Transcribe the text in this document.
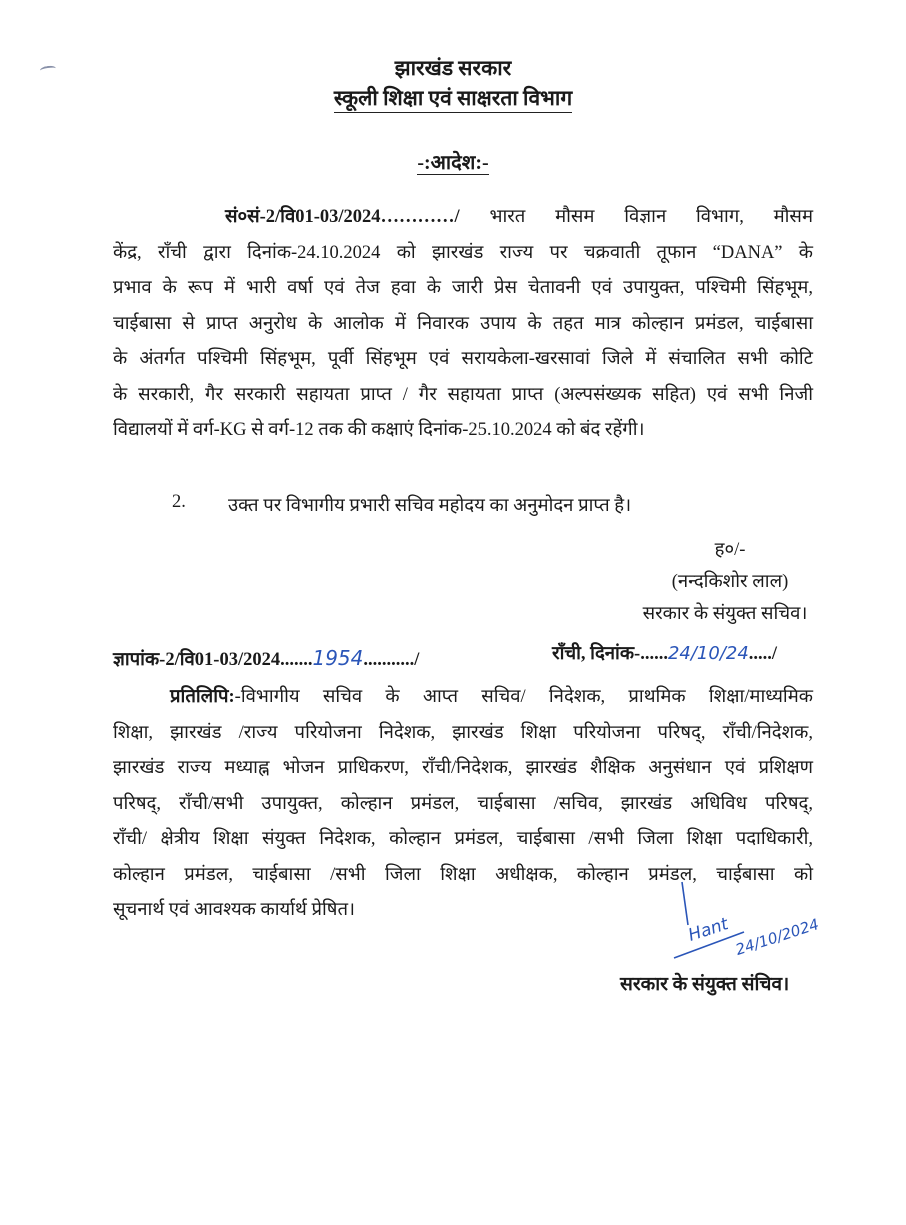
झारखंड सरकार
स्कूली शिक्षा एवं साक्षरता विभाग
-:आदेश:-
सं०सं-2/वि01-03/2024…………/ भारत मौसम विज्ञान विभाग, मौसम
केंद्र, राँची द्वारा दिनांक-24.10.2024 को झारखंड राज्य पर चक्रवाती तूफान “DANA” के
प्रभाव के रूप में भारी वर्षा एवं तेज हवा के जारी प्रेस चेतावनी एवं उपायुक्त, पश्चिमी सिंहभूम,
चाईबासा से प्राप्त अनुरोध के आलोक में निवारक उपाय के तहत मात्र कोल्हान प्रमंडल, चाईबासा
के अंतर्गत पश्चिमी सिंहभूम, पूर्वी सिंहभूम एवं सरायकेला-खरसावां जिले में संचालित सभी कोटि
के सरकारी, गैर सरकारी सहायता प्राप्त / गैर सहायता प्राप्त (अल्पसंख्यक सहित) एवं सभी निजी
विद्यालयों में वर्ग-KG से वर्ग-12 तक की कक्षाएं दिनांक-25.10.2024 को बंद रहेंगी।
2. उक्त पर विभागीय प्रभारी सचिव महोदय का अनुमोदन प्राप्त है।
ह०/-
(नन्दकिशोर लाल)
सरकार के संयुक्त सचिव।
ज्ञापांक-2/वि01-03/2024.......1954.........../	राँची, दिनांक-......24/10/24...../
प्रतिलिपि:-विभागीय सचिव के आप्त सचिव/ निदेशक, प्राथमिक शिक्षा/माध्यमिक
शिक्षा, झारखंड /राज्य परियोजना निदेशक, झारखंड शिक्षा परियोजना परिषद्, राँची/निदेशक,
झारखंड राज्य मध्याह्न भोजन प्राधिकरण, राँची/निदेशक, झारखंड शैक्षिक अनुसंधान एवं प्रशिक्षण
परिषद्, राँची/सभी उपायुक्त, कोल्हान प्रमंडल, चाईबासा /सचिव, झारखंड अधिविध परिषद्,
राँची/ क्षेत्रीय शिक्षा संयुक्त निदेशक, कोल्हान प्रमंडल, चाईबासा /सभी जिला शिक्षा पदाधिकारी,
कोल्हान प्रमंडल, चाईबासा /सभी जिला शिक्षा अधीक्षक, कोल्हान प्रमंडल, चाईबासा को
सूचनार्थ एवं आवश्यक कार्यार्थ प्रेषित।
Hant 24/10/2024
सरकार के संयुक्त संचिव।
